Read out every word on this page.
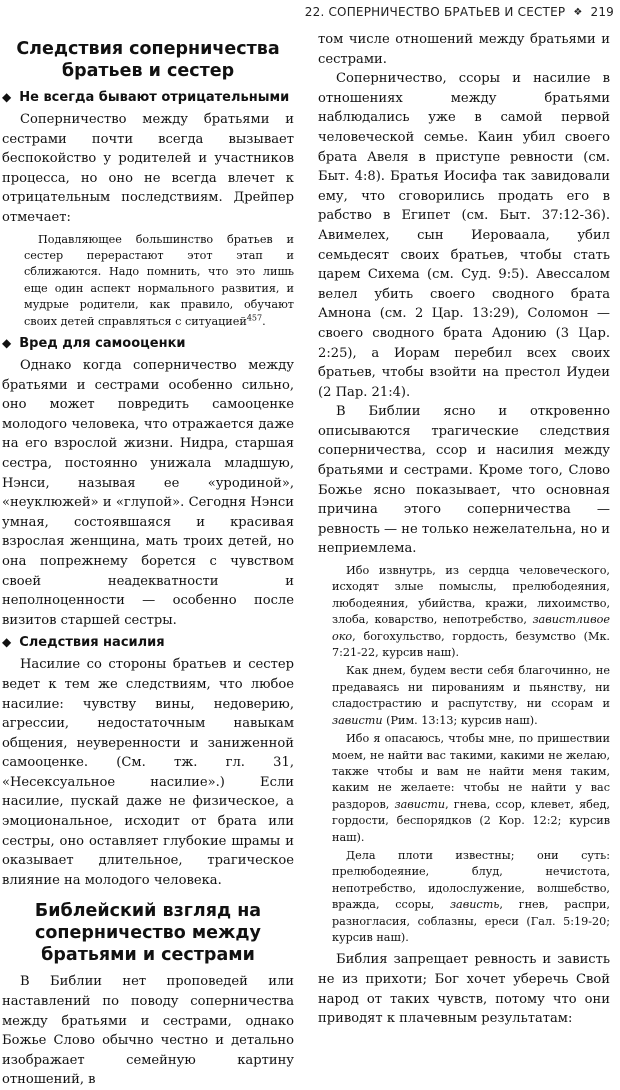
22. СОПЕРНИЧЕСТВО БРАТЬЕВ И СЕСТЕР ❖ 219
Следствия соперничества братьев и сестер
◆ Не всегда бывают отрицательными

Соперничество между братьями и сестрами почти всегда вызывает беспокойство у родителей и участников процесса, но оно не всегда влечет к отрицательным последствиям. Дрейпер отмечает:

Подавляющее большинство братьев и сестер перерастают этот этап и сближаются. Надо помнить, что это лишь еще один аспект нормального развития, и мудрые родители, как правило, обучают своих детей справляться с ситуацией$^{457}$.

◆ Вред для самооценки

Однако когда соперничество между братьями и сестрами особенно сильно, оно может повредить самооценке молодого человека, что отражается даже на его взрослой жизни. Нидра, старшая сестра, постоянно унижала младшую, Нэнси, называя ее «уродиной», «неуклюжей» и «глупой». Сегодня Нэнси умная, состоявшаяся и красивая взрослая женщина, мать троих детей, но она попрежнему борется с чувством своей неадекватности и неполноценности — особенно после визитов старшей сестры.

◆ Следствия насилия

Насилие со стороны братьев и сестер ведет к тем же следствиям, что любое насилие: чувству вины, недоверию, агрессии, недостаточным навыкам общения, неуверенности и заниженной самооценке. (См. тж. гл. 31, «Несексуальное насилие».) Если насилие, пускай даже не физическое, а эмоциональное, исходит от брата или сестры, оно оставляет глубокие шрамы и оказывает длительное, трагическое влияние на молодого человека.

Библейский взгляд на соперничество между братьями и сестрами

В Библии нет проповедей или наставлений по поводу соперничества между братьями и сестрами, однако Божье Слово обычно честно и детально изображает семейную картину отношений, в

том числе отношений между братьями и сестрами.

Соперничество, ссоры и насилие в отношениях между братьями наблюдались уже в самой первой человеческой семье. Каин убил своего брата Авеля в приступе ревности (см. Быт. 4:8). Братья Иосифа так завидовали ему, что сговорились продать его в рабство в Египет (см. Быт. 37:12-36). Авимелех, сын Иероваала, убил семьдесят своих братьев, чтобы стать царем Сихема (см. Суд. 9:5). Авессалом велел убить своего сводного брата Амнона (см. 2 Цар. 13:29), Соломон — своего сводного брата Адонию (3 Цар. 2:25), а Иорам перебил всех своих братьев, чтобы взойти на престол Иудеи (2 Пар. 21:4).

В Библии ясно и откровенно описываются трагические следствия соперничества, ссор и насилия между братьями и сестрами. Кроме того, Слово Божье ясно показывает, что основная причина этого соперничества — ревность — не только нежелательна, но и неприемлема.

Ибо извнутрь, из сердца человеческого, исходят злые помыслы, прелюбодеяния, любодеяния, убийства, кражи, лихоимство, злоба, коварство, непотребство, завистливое око, богохульство, гордость, безумство (Мк. 7:21-22, курсив наш).

Как днем, будем вести себя благочинно, не предаваясь ни пированиям и пьянству, ни сладострастию и распутству, ни ссорам и зависти (Рим. 13:13; курсив наш).

Ибо я опасаюсь, чтобы мне, по пришествии моем, не найти вас такими, какими не желаю, также чтобы и вам не найти меня таким, каким не желаете: чтобы не найти у вас раздоров, зависти, гнева, ссор, клевет, ябед, гордости, беспорядков (2 Кор. 12:2; курсив наш).

Дела плоти известны; они суть: прелюбодеяние, блуд, нечистота, непотребство, идолослужение, волшебство, вражда, ссоры, зависть, гнев, распри, разногласия, соблазны, ереси (Гал. 5:19-20; курсив наш).

Библия запрещает ревность и зависть не из прихоти; Бог хочет уберечь Свой народ от таких чувств, потому что они приводят к плачевным результатам:
